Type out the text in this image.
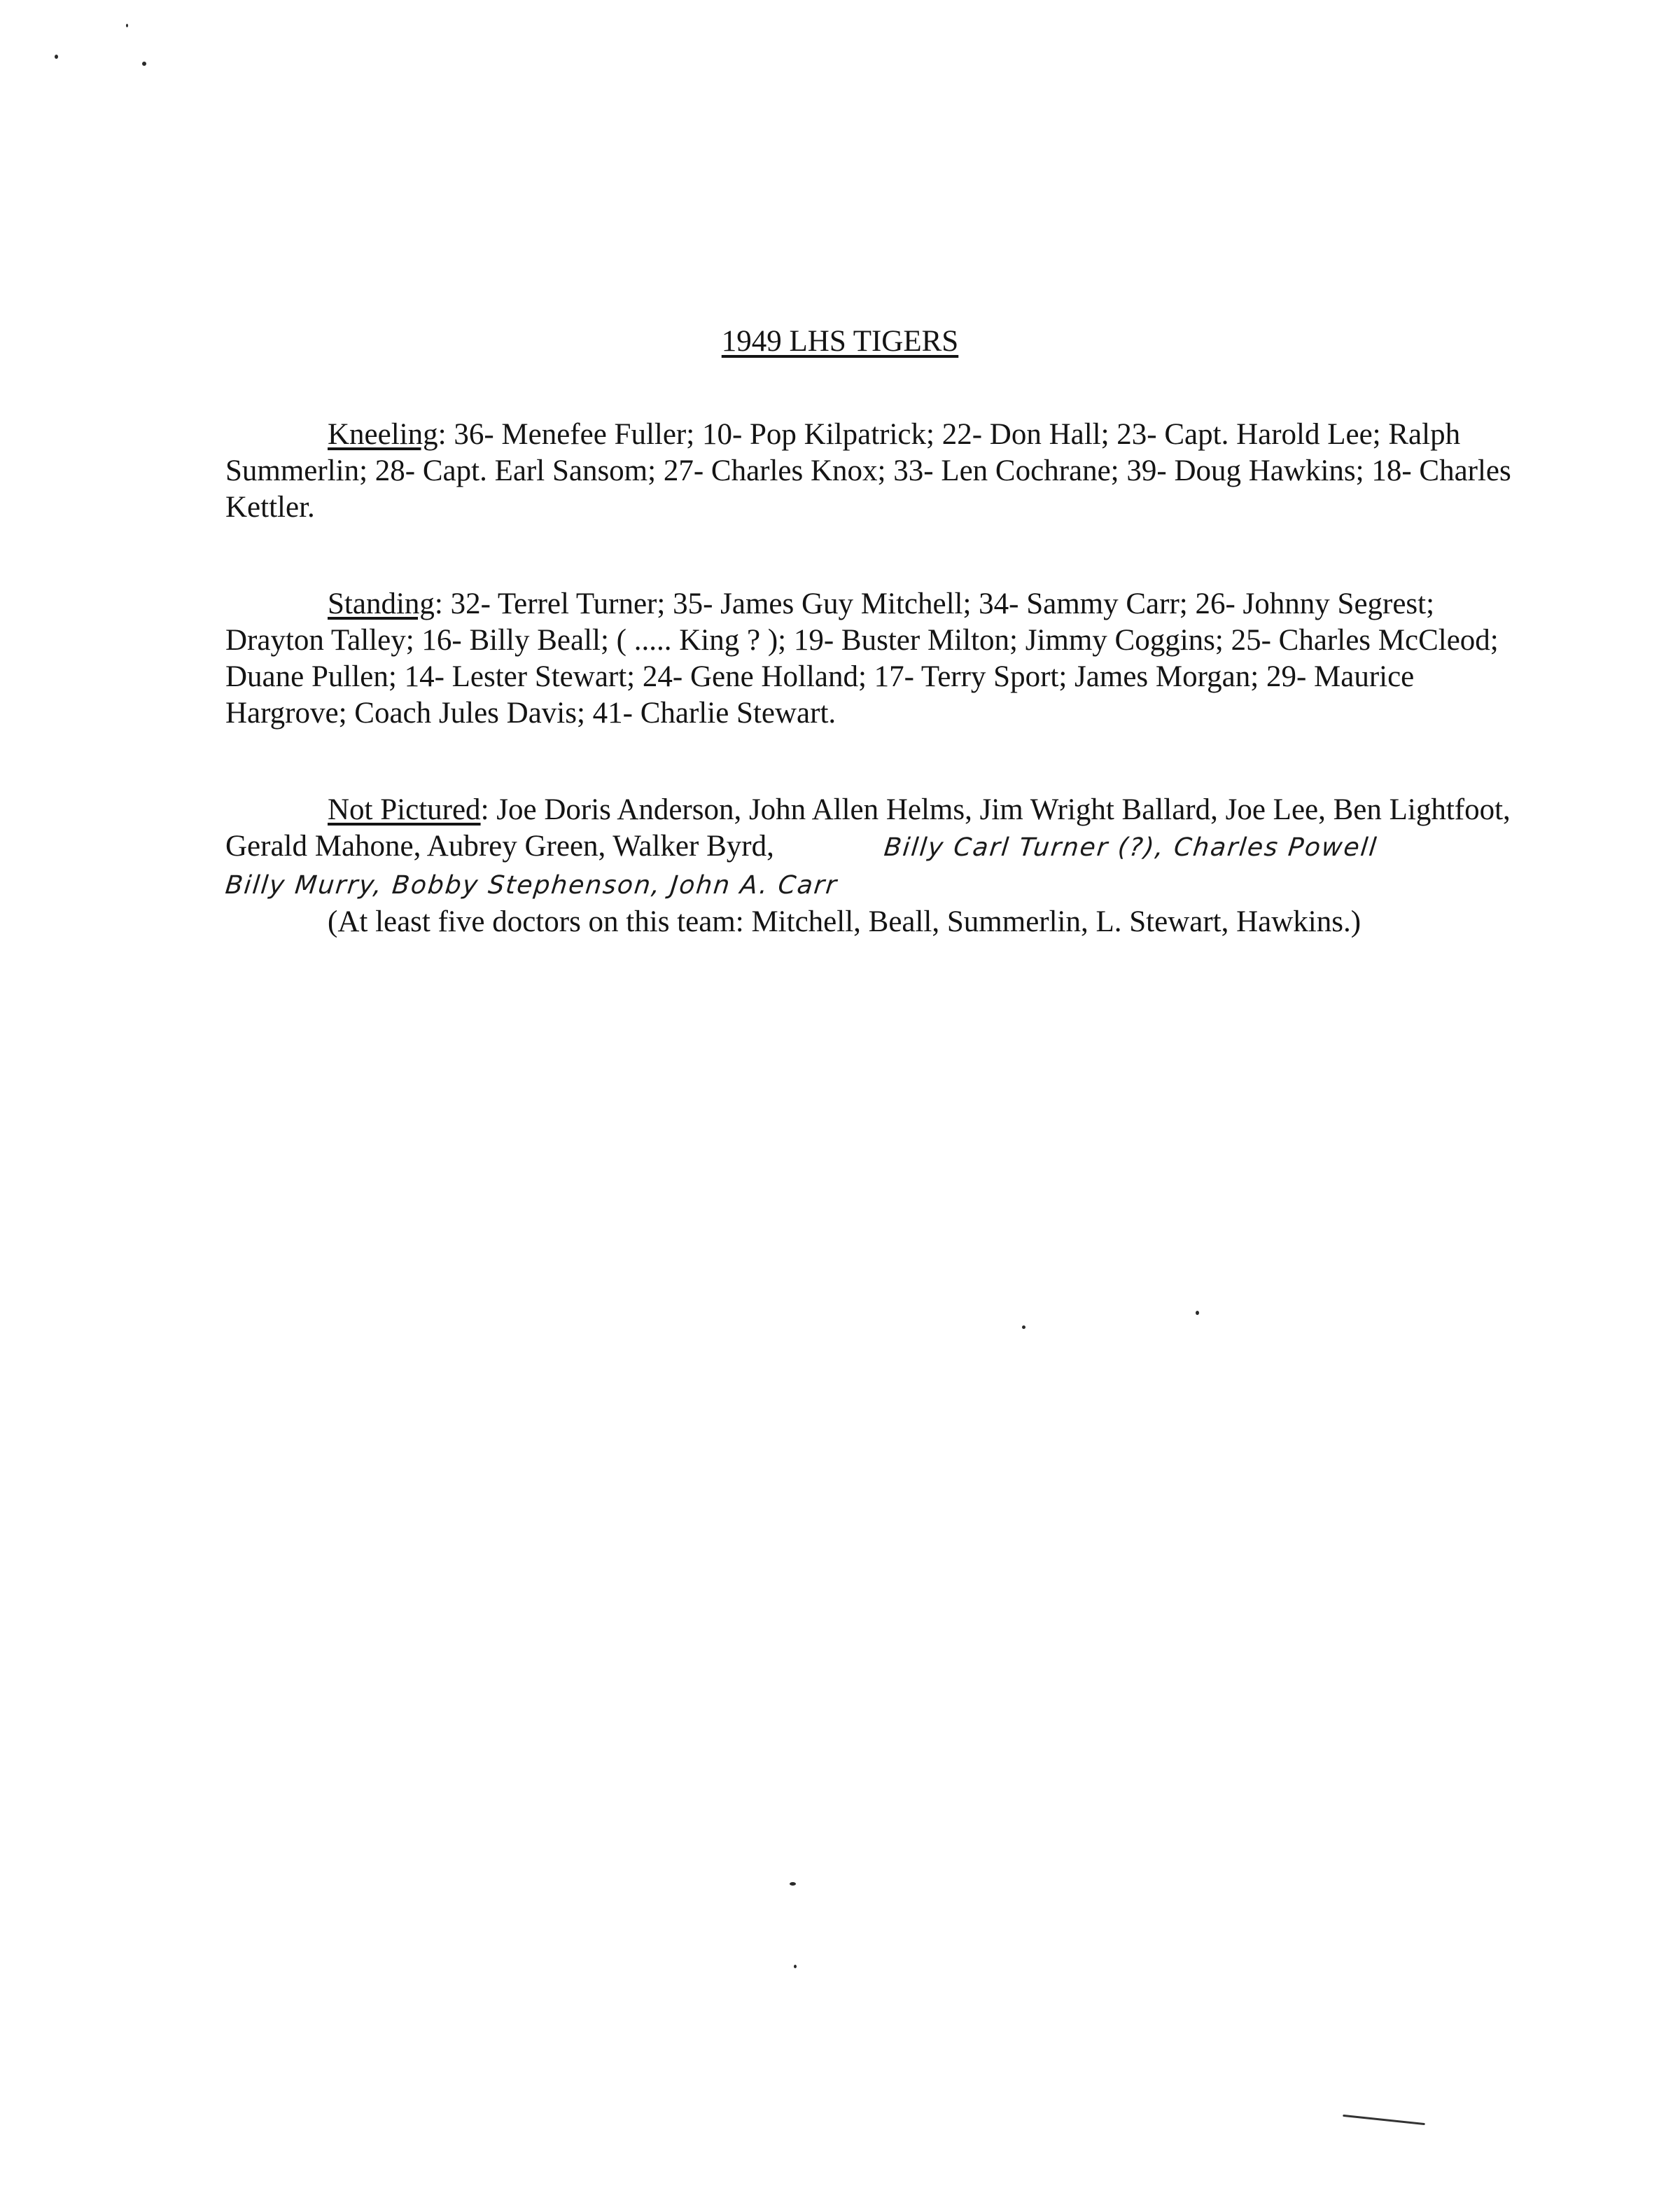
1949 LHS TIGERS

Kneeling: 36- Menefee Fuller; 10- Pop Kilpatrick; 22- Don Hall; 23- Capt. Harold Lee; Ralph Summerlin; 28- Capt. Earl Sansom; 27- Charles Knox; 33- Len Cochrane; 39- Doug Hawkins; 18- Charles Kettler.

Standing: 32- Terrel Turner; 35- James Guy Mitchell; 34- Sammy Carr; 26- Johnny Segrest; Drayton Talley; 16- Billy Beall; ( ..... King ? ); 19- Buster Milton; Jimmy Coggins; 25- Charles McCleod; Duane Pullen; 14- Lester Stewart; 24- Gene Holland; 17- Terry Sport; James Morgan; 29- Maurice Hargrove; Coach Jules Davis; 41- Charlie Stewart.

Not Pictured: Joe Doris Anderson, John Allen Helms, Jim Wright Ballard, Joe Lee, Ben Lightfoot, Gerald Mahone, Aubrey Green, Walker Byrd,	Billy Carl Turner (?), Charles Powell
Billy Murry, Bobby Stephenson, John A. Carr

(At least five doctors on this team: Mitchell, Beall, Summerlin, L. Stewart, Hawkins.)
